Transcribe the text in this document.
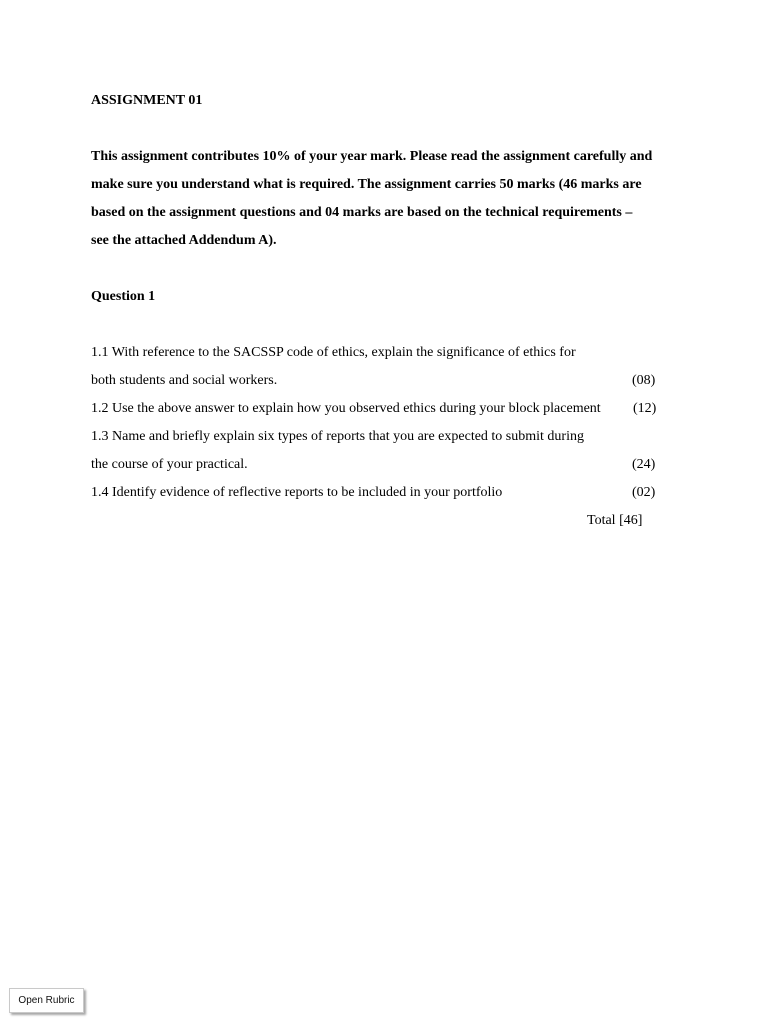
ASSIGNMENT 01
This assignment contributes 10% of your year mark. Please read the assignment carefully and
make sure you understand what is required. The assignment carries 50 marks (46 marks are
based on the assignment questions and 04 marks are based on the technical requirements –
see the attached Addendum A).
Question 1
1.1 With reference to the SACSSP code of ethics, explain the significance of ethics for
both students and social workers.	(08)
1.2 Use the above answer to explain how you observed ethics during your block placement (12)
1.3 Name and briefly explain six types of reports that you are expected to submit during
the course of your practical.	(24)
1.4 Identify evidence of reflective reports to be included in your portfolio	(02)
Total [46]
Open Rubric
